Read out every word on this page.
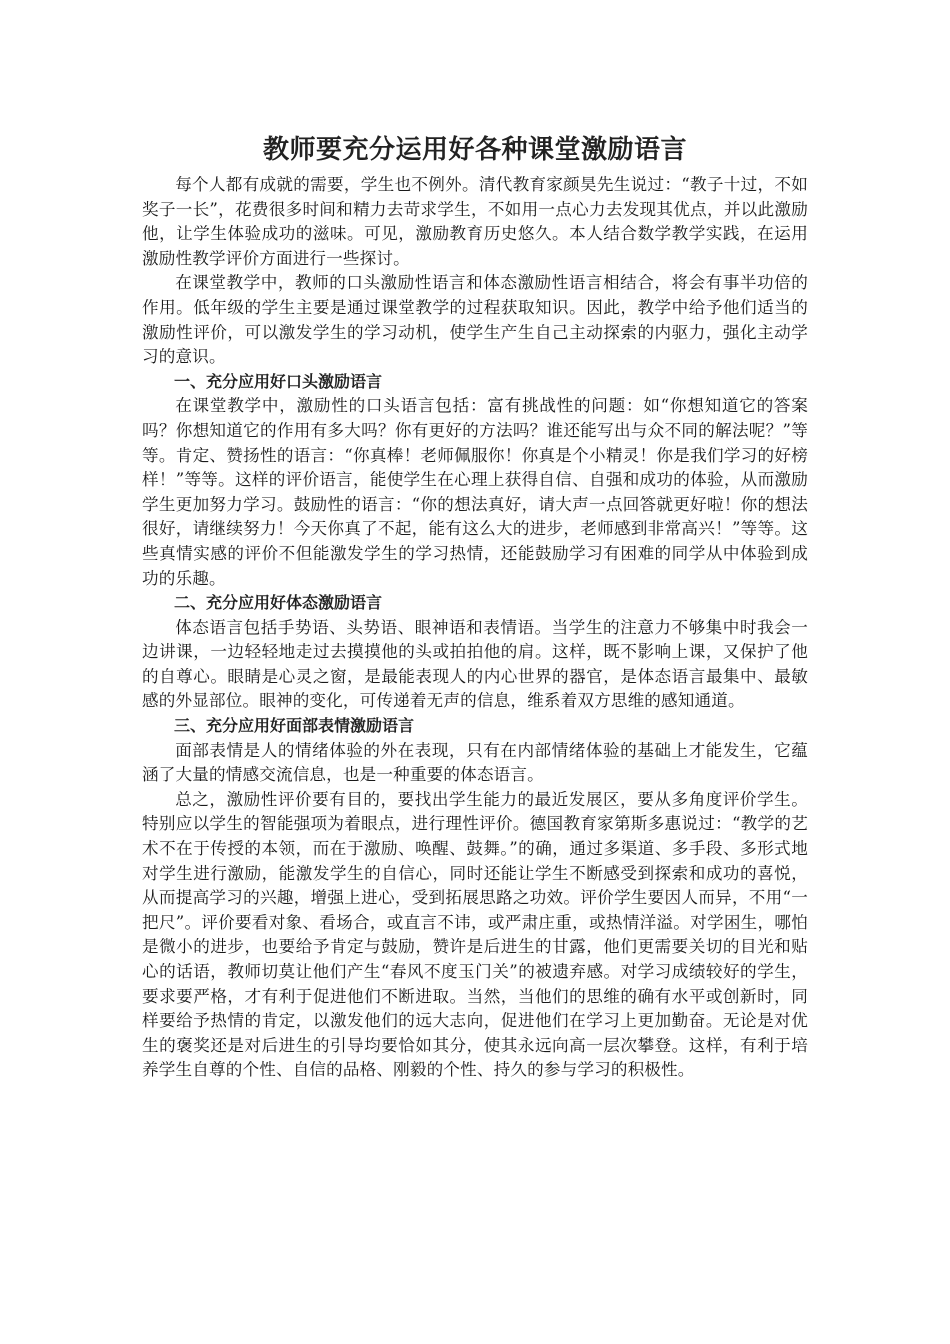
教师要充分运用好各种课堂激励语言

每个人都有成就的需要，学生也不例外。清代教育家颜昊先生说过：“教子十过，不如奖子一长”，花费很多时间和精力去苛求学生，不如用一点心力去发现其优点，并以此激励他，让学生体验成功的滋味。可见，激励教育历史悠久。本人结合数学教学实践，在运用激励性教学评价方面进行一些探讨。

在课堂教学中，教师的口头激励性语言和体态激励性语言相结合，将会有事半功倍的作用。低年级的学生主要是通过课堂教学的过程获取知识。因此，教学中给予他们适当的激励性评价，可以激发学生的学习动机，使学生产生自己主动探索的内驱力，强化主动学习的意识。

一、充分应用好口头激励语言

在课堂教学中，激励性的口头语言包括：富有挑战性的问题：如“你想知道它的答案吗？你想知道它的作用有多大吗？你有更好的方法吗？谁还能写出与众不同的解法呢？”等等。肯定、赞扬性的语言：“你真棒！老师佩服你！你真是个小精灵！你是我们学习的好榜样！”等等。这样的评价语言，能使学生在心理上获得自信、自强和成功的体验，从而激励学生更加努力学习。鼓励性的语言：“你的想法真好，请大声一点回答就更好啦！你的想法很好，请继续努力！今天你真了不起，能有这么大的进步，老师感到非常高兴！”等等。这些真情实感的评价不但能激发学生的学习热情，还能鼓励学习有困难的同学从中体验到成功的乐趣。

二、充分应用好体态激励语言

体态语言包括手势语、头势语、眼神语和表情语。当学生的注意力不够集中时我会一边讲课，一边轻轻地走过去摸摸他的头或拍拍他的肩。这样，既不影响上课，又保护了他的自尊心。眼睛是心灵之窗，是最能表现人的内心世界的器官，是体态语言最集中、最敏感的外显部位。眼神的变化，可传递着无声的信息，维系着双方思维的感知通道。

三、充分应用好面部表情激励语言

面部表情是人的情绪体验的外在表现，只有在内部情绪体验的基础上才能发生，它蕴涵了大量的情感交流信息，也是一种重要的体态语言。

总之，激励性评价要有目的，要找出学生能力的最近发展区，要从多角度评价学生。特别应以学生的智能强项为着眼点，进行理性评价。德国教育家第斯多惠说过：“教学的艺术不在于传授的本领，而在于激励、唤醒、鼓舞。”的确，通过多渠道、多手段、多形式地对学生进行激励，能激发学生的自信心，同时还能让学生不断感受到探索和成功的喜悦，从而提高学习的兴趣，增强上进心，受到拓展思路之功效。评价学生要因人而异，不用“一把尺”。评价要看对象、看场合，或直言不讳，或严肃庄重，或热情洋溢。对学困生，哪怕是微小的进步，也要给予肯定与鼓励，赞许是后进生的甘露，他们更需要关切的目光和贴心的话语，教师切莫让他们产生“春风不度玉门关”的被遗弃感。对学习成绩较好的学生，要求要严格，才有利于促进他们不断进取。当然，当他们的思维的确有水平或创新时，同样要给予热情的肯定，以激发他们的远大志向，促进他们在学习上更加勤奋。无论是对优生的褒奖还是对后进生的引导均要恰如其分，使其永远向高一层次攀登。这样，有利于培养学生自尊的个性、自信的品格、刚毅的个性、持久的参与学习的积极性。
